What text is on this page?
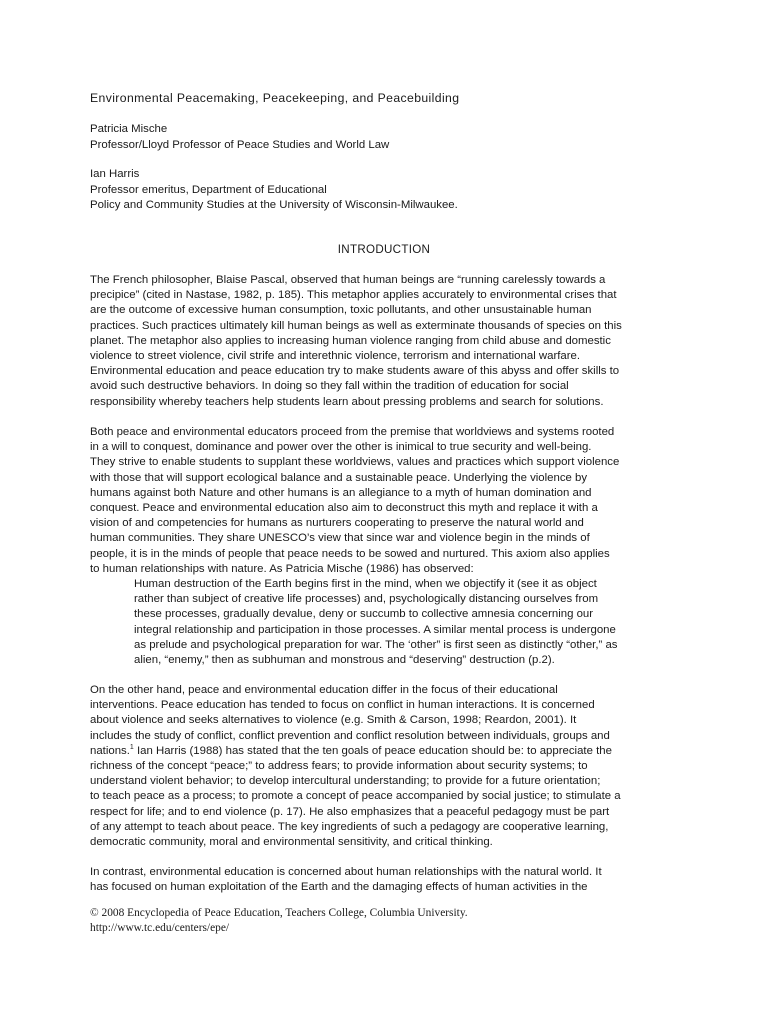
Environmental Peacemaking, Peacekeeping, and Peacebuilding
Patricia Mische
Professor/Lloyd Professor of Peace Studies and World Law
Ian Harris
Professor emeritus, Department of Educational
Policy and Community Studies at the University of Wisconsin-Milwaukee.
INTRODUCTION
The French philosopher, Blaise Pascal, observed that human beings are “running carelessly towards a
precipice” (cited in Nastase, 1982, p. 185). This metaphor applies accurately to environmental crises that
are the outcome of excessive human consumption, toxic pollutants, and other unsustainable human
practices. Such practices ultimately kill human beings as well as exterminate thousands of species on this
planet. The metaphor also applies to increasing human violence ranging from child abuse and domestic
violence to street violence, civil strife and interethnic violence, terrorism and international warfare.
Environmental education and peace education try to make students aware of this abyss and offer skills to
avoid such destructive behaviors. In doing so they fall within the tradition of education for social
responsibility whereby teachers help students learn about pressing problems and search for solutions.
Both peace and environmental educators proceed from the premise that worldviews and systems rooted
in a will to conquest, dominance and power over the other is inimical to true security and well-being.
They strive to enable students to supplant these worldviews, values and practices which support violence
with those that will support ecological balance and a sustainable peace. Underlying the violence by
humans against both Nature and other humans is an allegiance to a myth of human domination and
conquest. Peace and environmental education also aim to deconstruct this myth and replace it with a
vision of and competencies for humans as nurturers cooperating to preserve the natural world and
human communities. They share UNESCO’s view that since war and violence begin in the minds of
people, it is in the minds of people that peace needs to be sowed and nurtured. This axiom also applies
to human relationships with nature. As Patricia Mische (1986) has observed:
Human destruction of the Earth begins first in the mind, when we objectify it (see it as object
rather than subject of creative life processes) and, psychologically distancing ourselves from
these processes, gradually devalue, deny or succumb to collective amnesia concerning our
integral relationship and participation in those processes. A similar mental process is undergone
as prelude and psychological preparation for war. The ‘other” is first seen as distinctly “other,” as
alien, “enemy,” then as subhuman and monstrous and “deserving” destruction (p.2).
On the other hand, peace and environmental education differ in the focus of their educational
interventions. Peace education has tended to focus on conflict in human interactions. It is concerned
about violence and seeks alternatives to violence (e.g. Smith & Carson, 1998; Reardon, 2001). It
includes the study of conflict, conflict prevention and conflict resolution between individuals, groups and
nations.$^1$ Ian Harris (1988) has stated that the ten goals of peace education should be: to appreciate the
richness of the concept “peace;” to address fears; to provide information about security systems; to
understand violent behavior; to develop intercultural understanding; to provide for a future orientation;
to teach peace as a process; to promote a concept of peace accompanied by social justice; to stimulate a
respect for life; and to end violence (p. 17). He also emphasizes that a peaceful pedagogy must be part
of any attempt to teach about peace. The key ingredients of such a pedagogy are cooperative learning,
democratic community, moral and environmental sensitivity, and critical thinking.
In contrast, environmental education is concerned about human relationships with the natural world. It
has focused on human exploitation of the Earth and the damaging effects of human activities in the
© 2008 Encyclopedia of Peace Education, Teachers College, Columbia University.
http://www.tc.edu/centers/epe/
